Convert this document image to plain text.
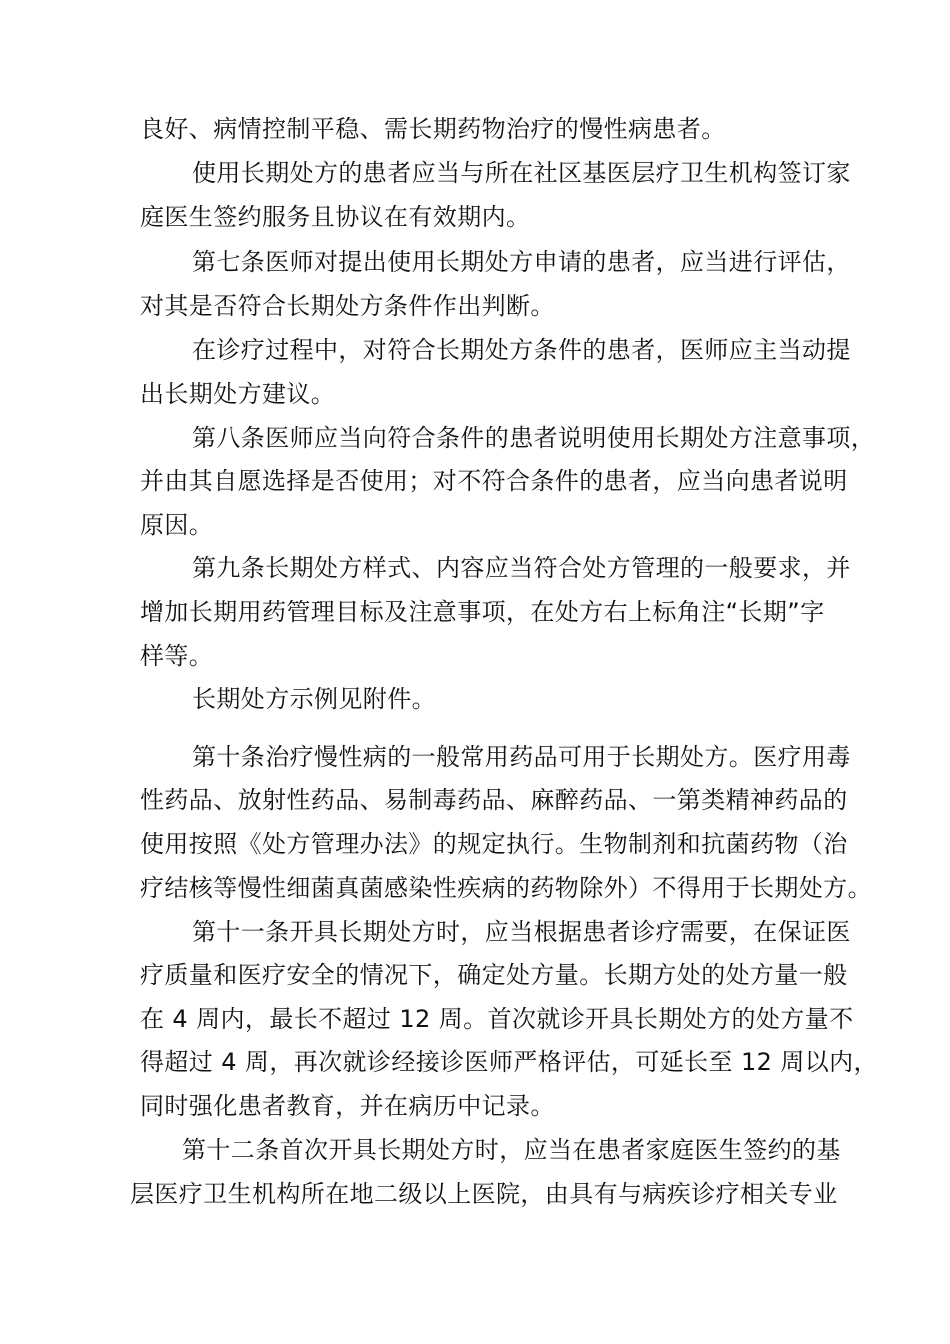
良好、病情控制平稳、需长期药物治疗的慢性病患者。
使用长期处方的患者应当与所在社区基医层疗卫生机构签订家
庭医生签约服务且协议在有效期内。
第七条医师对提出使用长期处方申请的患者，应当进行评估，
对其是否符合长期处方条件作出判断。
在诊疗过程中，对符合长期处方条件的患者，医师应主当动提
出长期处方建议。
第八条医师应当向符合条件的患者说明使用长期处方注意事项，
并由其自愿选择是否使用；对不符合条件的患者，应当向患者说明
原因。
第九条长期处方样式、内容应当符合处方管理的一般要求，并
增加长期用药管理目标及注意事项，在处方右上标角注“长期”字
样等。
长期处方示例见附件。
第十条治疗慢性病的一般常用药品可用于长期处方。医疗用毒
性药品、放射性药品、易制毒药品、麻醉药品、一第类精神药品的
使用按照《处方管理办法》的规定执行。生物制剂和抗菌药物（治
疗结核等慢性细菌真菌感染性疾病的药物除外）不得用于长期处方。
第十一条开具长期处方时，应当根据患者诊疗需要，在保证医
疗质量和医疗安全的情况下，确定处方量。长期方处的处方量一般
在 4 周内，最长不超过 12 周。首次就诊开具长期处方的处方量不
得超过 4 周，再次就诊经接诊医师严格评估，可延长至 12 周以内，
同时强化患者教育，并在病历中记录。
第十二条首次开具长期处方时，应当在患者家庭医生签约的基
层医疗卫生机构所在地二级以上医院，由具有与病疾诊疗相关专业
